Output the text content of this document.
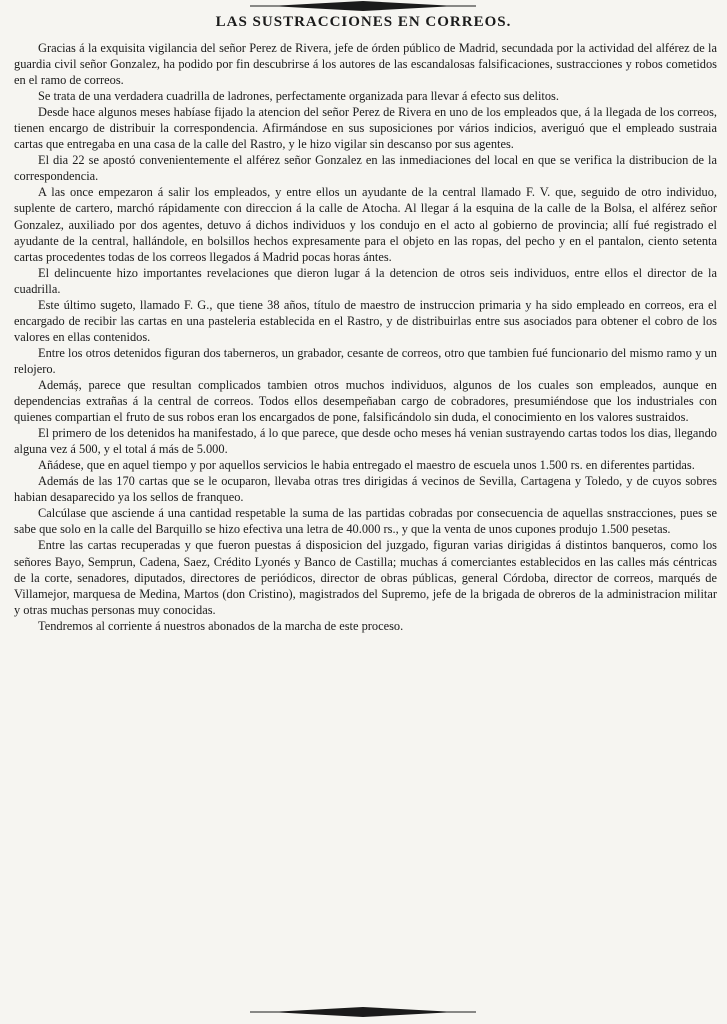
LAS SUSTRACCIONES EN CORREOS.

Gracias á la exquisita vigilancia del señor Perez de Rivera, jefe de órden público de Madrid, secundada por la actividad del alférez de la guardia civil señor Gonzalez, ha podido por fin descubrirse á los autores de las escandalosas falsificaciones, sustracciones y robos cometidos en el ramo de correos.

Se trata de una verdadera cuadrilla de ladrones, perfectamente organizada para llevar á efecto sus delitos.

Desde hace algunos meses habíase fijado la atencion del señor Perez de Rivera en uno de los empleados que, á la llegada de los correos, tienen encargo de distribuir la correspondencia. Afirmándose en sus suposiciones por vários indicios, averiguó que el empleado sustraia cartas que entregaba en una casa de la calle del Rastro, y le hizo vigilar sin descanso por sus agentes.

El dia 22 se apostó convenientemente el alférez señor Gonzalez en las inmediaciones del local en que se verifica la distribucion de la correspondencia.

A las once empezaron á salir los empleados, y entre ellos un ayudante de la central llamado F. V. que, seguido de otro individuo, suplente de cartero, marchó rápidamente con direccion á la calle de Atocha. Al llegar á la esquina de la calle de la Bolsa, el alférez señor Gonzalez, auxiliado por dos agentes, detuvo á dichos individuos y los condujo en el acto al gobierno de provincia; allí fué registrado el ayudante de la central, hallándole, en bolsillos hechos expresamente para el objeto en las ropas, del pecho y en el pantalon, ciento setenta cartas procedentes todas de los correos llegados á Madrid pocas horas ántes.

El delincuente hizo importantes revelaciones que dieron lugar á la detencion de otros seis individuos, entre ellos el director de la cuadrilla.

Este último sugeto, llamado F. G., que tiene 38 años, título de maestro de instruccion primaria y ha sido empleado en correos, era el encargado de recibir las cartas en una pasteleria establecida en el Rastro, y de distribuirlas entre sus asociados para obtener el cobro de los valores en ellas contenidos.

Entre los otros detenidos figuran dos taberneros, un grabador, cesante de correos, otro que tambien fué funcionario del mismo ramo y un relojero.

Ademáș, parece que resultan complicados tambien otros muchos individuos, algunos de los cuales son empleados, aunque en dependencias extrañas á la central de correos. Todos ellos desempeñaban cargo de cobradores, presumiéndose que los industriales con quienes compartian el fruto de sus robos eran los encargados de pone, falsificándolo sin duda, el conocimiento en los valores sustraidos.

El primero de los detenidos ha manifestado, á lo que parece, que desde ocho meses há venian sustrayendo cartas todos los dias, llegando alguna vez á 500, y el total á más de 5.000.

Añádese, que en aquel tiempo y por aquellos servicios le habia entregado el maestro de escuela unos 1.500 rs. en diferentes partidas.

Además de las 170 cartas que se le ocuparon, llevaba otras tres dirigidas á vecinos de Sevilla, Cartagena y Toledo, y de cuyos sobres habian desaparecido ya los sellos de franqueo.

Calcúlase que asciende á una cantidad respetable la suma de las partidas cobradas por consecuencia de aquellas snstracciones, pues se sabe que solo en la calle del Barquillo se hizo efectiva una letra de 40.000 rs., y que la venta de unos cupones produjo 1.500 pesetas.

Entre las cartas recuperadas y que fueron puestas á disposicion del juzgado, figuran varias dirigidas á distintos banqueros, como los señores Bayo, Semprun, Cadena, Saez, Crédito Lyonés y Banco de Castilla; muchas á comerciantes establecidos en las calles más céntricas de la corte, senadores, diputados, directores de periódicos, director de obras públicas, general Córdoba, director de correos, marqués de Villamejor, marquesa de Medina, Martos (don Cristino), magistrados del Supremo, jefe de la brigada de obreros de la administracion militar y otras muchas personas muy conocidas.

Tendremos al corriente á nuestros abonados de la marcha de este proceso.
